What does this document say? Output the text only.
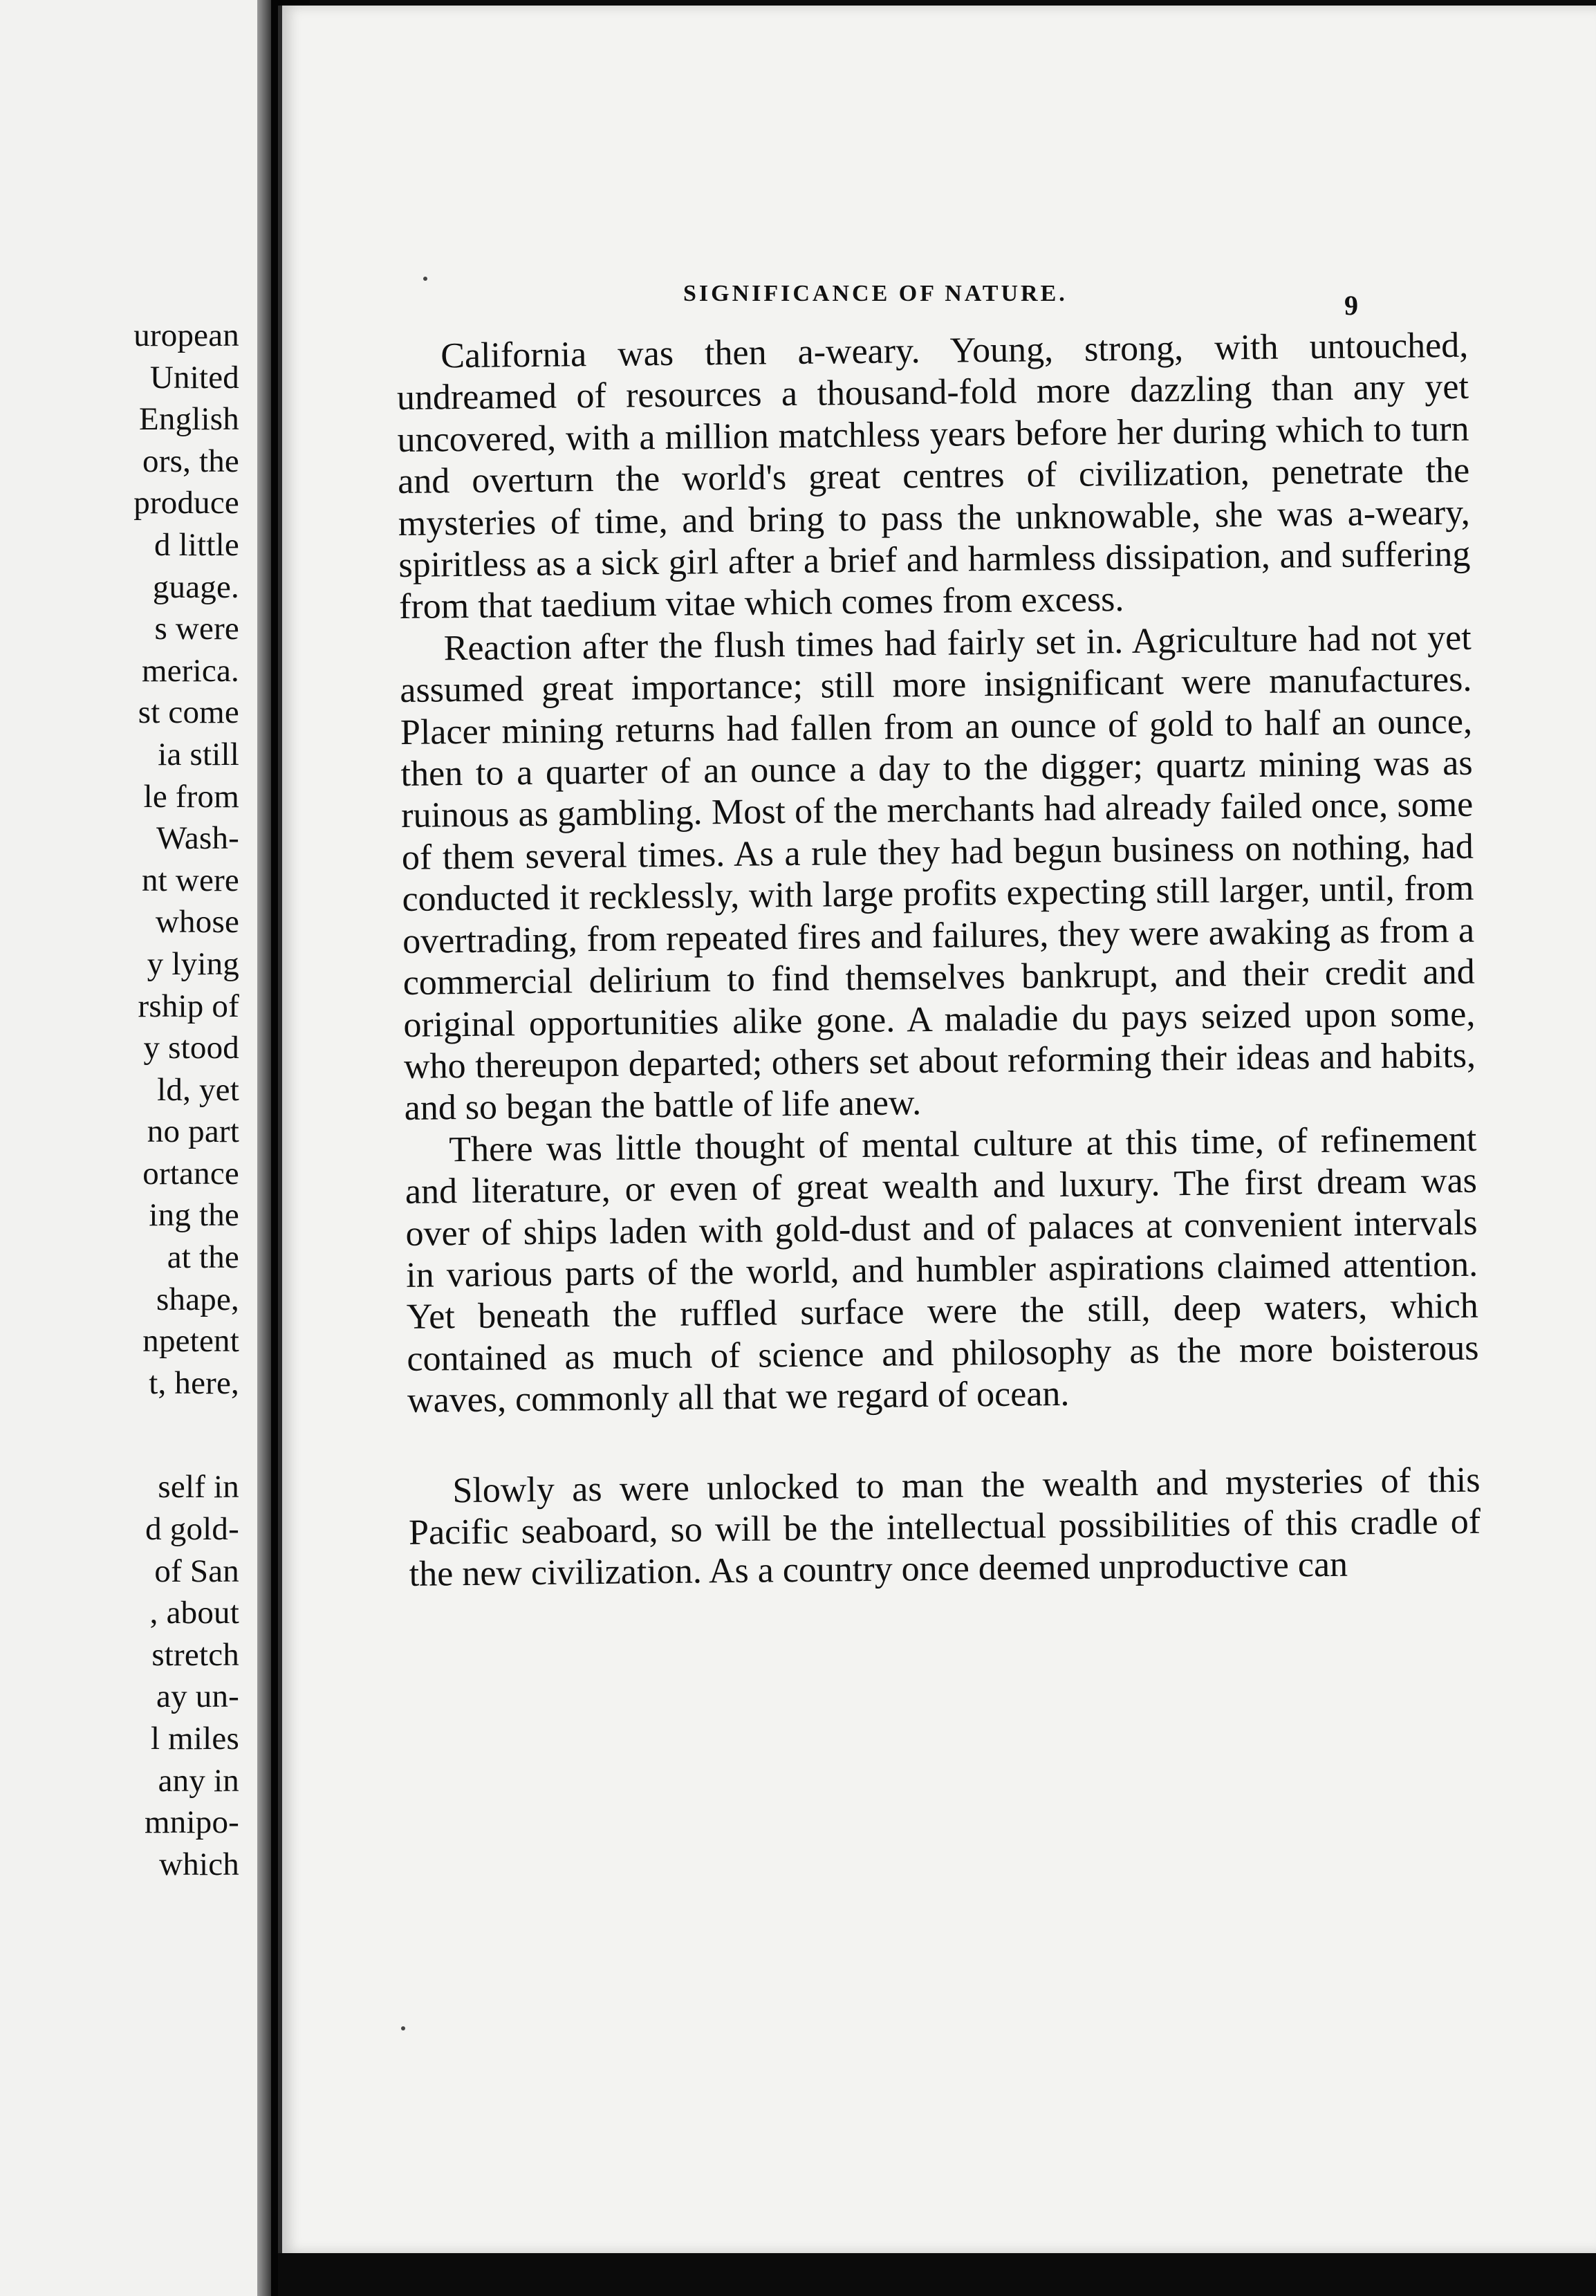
uropean
United
English
ors, the
produce
d little
guage.
s were
merica.
st come
ia still
le from
Wash-
nt were
whose
y lying
rship of
y stood
ld, yet
no part
ortance
ing the
at the
shape,
npetent
t, here,
self in
d gold-
of San
, about
stretch
ay un-
l miles
any in
mnipo-
which
SIGNIFICANCE OF NATURE.	9

California was then a-weary. Young, strong, with untouched, undreamed of resources a thousand-fold more dazzling than any yet uncovered, with a million matchless years before her during which to turn and overturn the world's great centres of civilization, penetrate the mysteries of time, and bring to pass the unknowable, she was a-weary, spiritless as a sick girl after a brief and harmless dissipation, and suffering from that taedium vitae which comes from excess.

Reaction after the flush times had fairly set in. Agriculture had not yet assumed great importance; still more insignificant were manufactures. Placer mining returns had fallen from an ounce of gold to half an ounce, then to a quarter of an ounce a day to the digger; quartz mining was as ruinous as gambling. Most of the merchants had already failed once, some of them several times. As a rule they had begun business on nothing, had conducted it recklessly, with large profits expecting still larger, until, from overtrading, from repeated fires and failures, they were awaking as from a commercial delirium to find themselves bankrupt, and their credit and original opportunities alike gone. A maladie du pays seized upon some, who thereupon departed; others set about reforming their ideas and habits, and so began the battle of life anew.

There was little thought of mental culture at this time, of refinement and literature, or even of great wealth and luxury. The first dream was over of ships laden with gold-dust and of palaces at convenient intervals in various parts of the world, and humbler aspirations claimed attention. Yet beneath the ruffled surface were the still, deep waters, which contained as much of science and philosophy as the more boisterous waves, commonly all that we regard of ocean.

Slowly as were unlocked to man the wealth and mysteries of this Pacific seaboard, so will be the intellectual possibilities of this cradle of the new civilization. As a country once deemed unproductive can
